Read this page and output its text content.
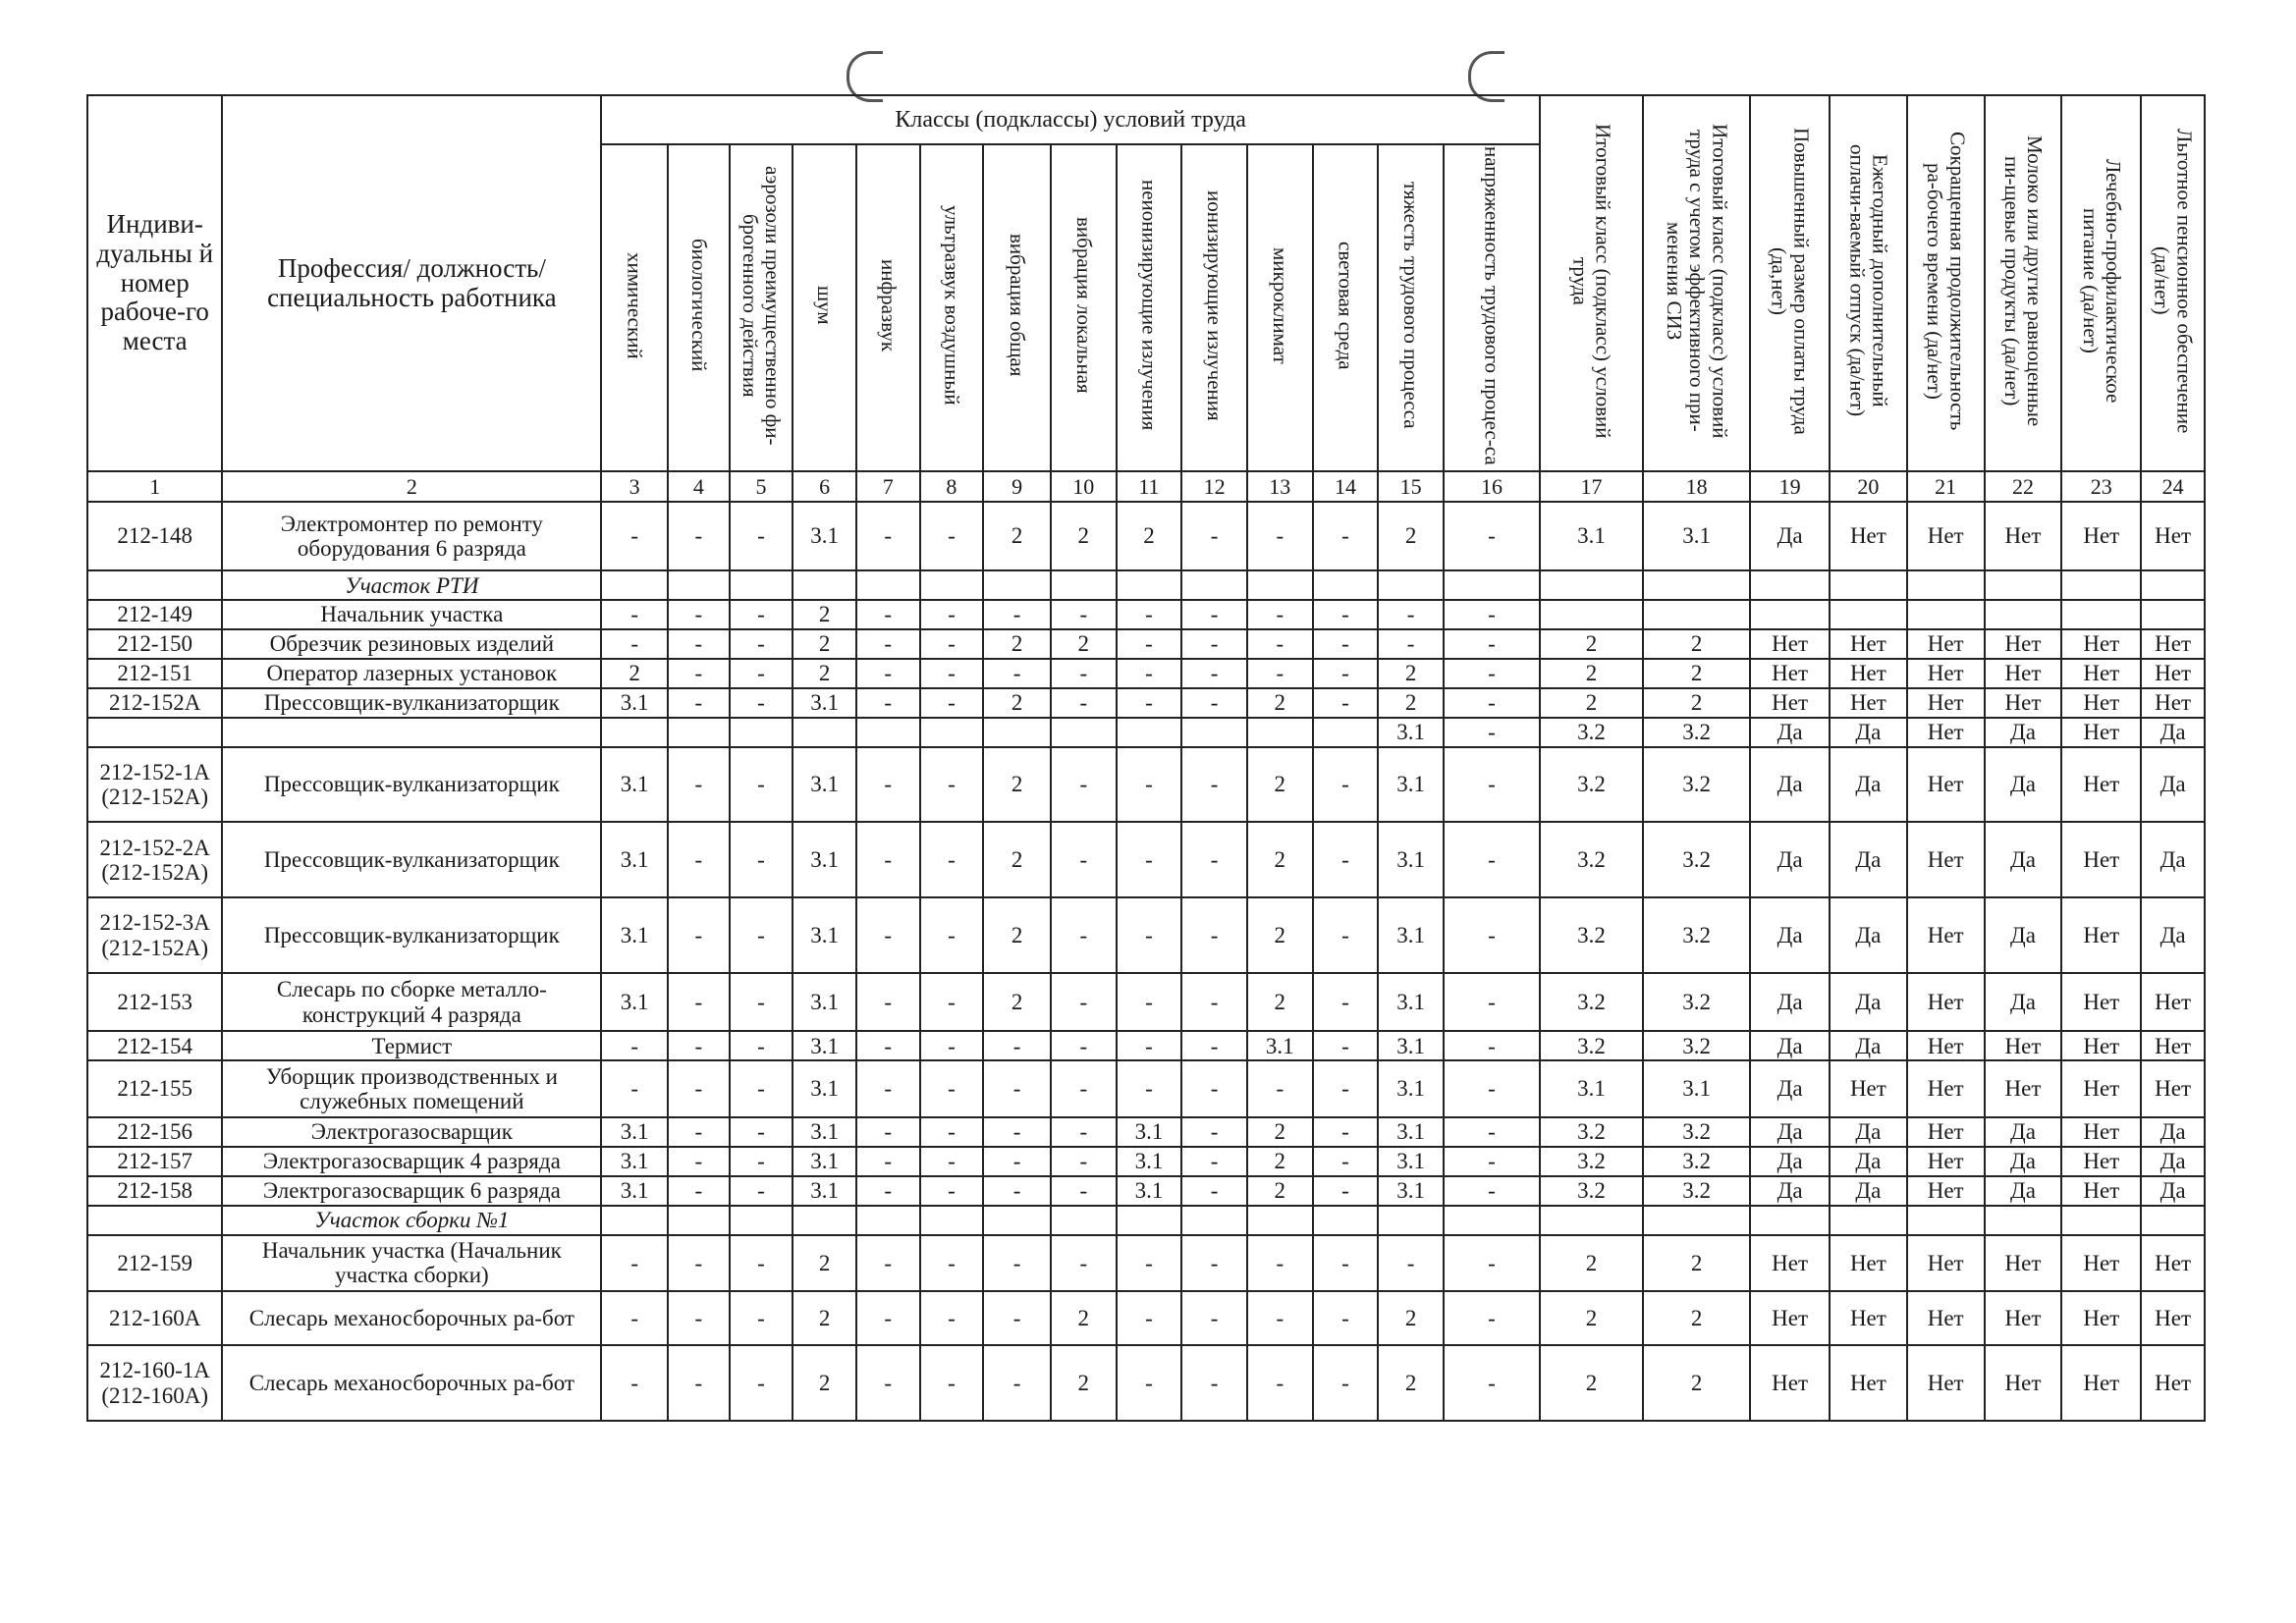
Индиви-дуальны й номер рабоче-го места	Профессия/ должность/ специальность работника	Классы (подклассы) условий труда														Итоговый класс (подкласс) условий труда	Итоговый класс (подкласс) условий труда с учетом эффективного при-менения СИЗ	Повышенный размер оплаты труда (да,нет)	Ежегодный дополнительный оплачи-ваемый отпуск (да/нет)	Сокращенная продолжительность ра-бочего времени (да/нет)	Молоко или другие равноценные пи-щевые продукты (да/нет)	Лечебно-профилактическое питание (да/нет)	Льготное пенсионное обеспечение (да/нет)
		химический	биологический	аэрозоли преимущественно фи-брогенного действия	шум	инфразвук	ультразвук воздушный	вибрация общая	вибрация локальная	неионизирующие излучения	ионизирующие излучения	микроклимат	световая среда	тяжесть трудового процесса	напряженность трудового процес-са								
1	2	3	4	5	6	7	8	9	10	11	12	13	14	15	16	17	18	19	20	21	22	23	24
212-148	Электромонтер по ремонту оборудования 6 разряда	-	-	-	3.1	-	-	2	2	2	-	-	-	2	-	3.1	3.1	Да	Нет	Нет	Нет	Нет	Нет
	Участок РТИ																						
212-149	Начальник участка	-	-	-	2	-	-	-	-	-	-	-	-	-	-								
212-150	Обрезчик резиновых изделий	-	-	-	2	-	-	2	2	-	-	-	-	-	-	2	2	Нет	Нет	Нет	Нет	Нет	Нет
212-151	Оператор лазерных установок	2	-	-	2	-	-	-	-	-	-	-	-	2	-	2	2	Нет	Нет	Нет	Нет	Нет	Нет
212-152А	Прессовщик-вулканизаторщик	3.1	-	-	3.1	-	-	2	-	-	-	2	-	2	-	2	2	Нет	Нет	Нет	Нет	Нет	Нет
														3.1	-	3.2	3.2	Да	Да	Нет	Да	Нет	Да
212-152-1А (212-152А)	Прессовщик-вулканизаторщик	3.1	-	-	3.1	-	-	2	-	-	-	2	-	3.1	-	3.2	3.2	Да	Да	Нет	Да	Нет	Да
212-152-2А (212-152А)	Прессовщик-вулканизаторщик	3.1	-	-	3.1	-	-	2	-	-	-	2	-	3.1	-	3.2	3.2	Да	Да	Нет	Да	Нет	Да
212-152-3А (212-152А)	Прессовщик-вулканизаторщик	3.1	-	-	3.1	-	-	2	-	-	-	2	-	3.1	-	3.2	3.2	Да	Да	Нет	Да	Нет	Да
212-153	Слесарь по сборке металло-конструкций 4 разряда	3.1	-	-	3.1	-	-	2	-	-	-	2	-	3.1	-	3.2	3.2	Да	Да	Нет	Да	Нет	Нет
212-154	Термист	-	-	-	3.1	-	-	-	-	-	-	3.1	-	3.1	-	3.2	3.2	Да	Да	Нет	Нет	Нет	Нет
212-155	Уборщик производственных и служебных помещений	-	-	-	3.1	-	-	-	-	-	-	-	-	3.1	-	3.1	3.1	Да	Нет	Нет	Нет	Нет	Нет
212-156	Электрогазосварщик	3.1	-	-	3.1	-	-	-	-	3.1	-	2	-	3.1	-	3.2	3.2	Да	Да	Нет	Да	Нет	Да
212-157	Электрогазосварщик 4 разряда	3.1	-	-	3.1	-	-	-	-	3.1	-	2	-	3.1	-	3.2	3.2	Да	Да	Нет	Да	Нет	Да
212-158	Электрогазосварщик 6 разряда	3.1	-	-	3.1	-	-	-	-	3.1	-	2	-	3.1	-	3.2	3.2	Да	Да	Нет	Да	Нет	Да
	Участок сборки №1																						
212-159	Начальник участка (Начальник участка сборки)	-	-	-	2	-	-	-	-	-	-	-	-	-	-	2	2	Нет	Нет	Нет	Нет	Нет	Нет
212-160А	Слесарь механосборочных ра-бот	-	-	-	2	-	-	-	2	-	-	-	-	2	-	2	2	Нет	Нет	Нет	Нет	Нет	Нет
212-160-1А (212-160А)	Слесарь механосборочных ра-бот	-	-	-	2	-	-	-	2	-	-	-	-	2	-	2	2	Нет	Нет	Нет	Нет	Нет	Нет
